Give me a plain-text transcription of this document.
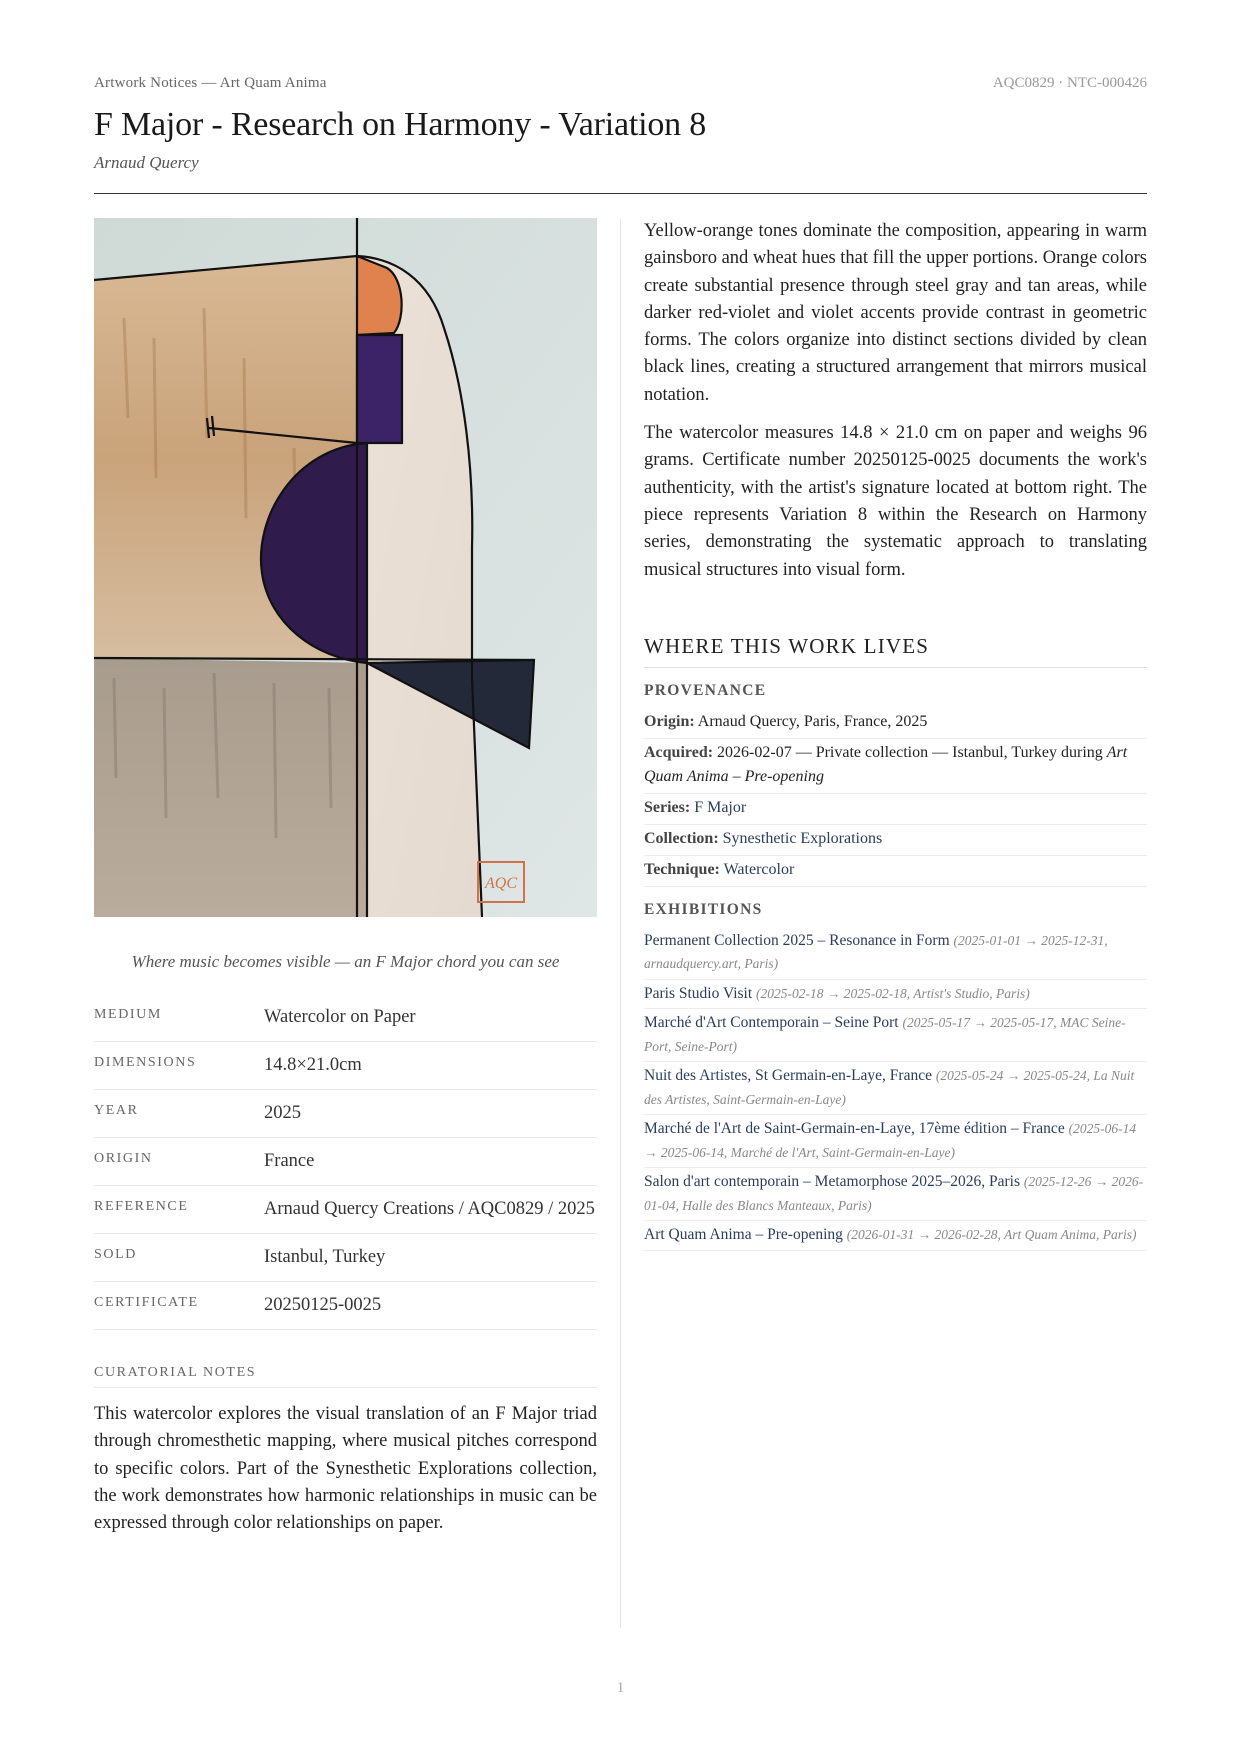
Artwork Notices — Art Quam Anima	AQC0829 · NTC-000426
F Major - Research on Harmony - Variation 8
Arnaud Quercy
AQC
Where music becomes visible — an F Major chord you can see
MEDIUM	Watercolor on Paper
DIMENSIONS	14.8×21.0cm
YEAR	2025
ORIGIN	France
REFERENCE	Arnaud Quercy Creations / AQC0829 / 2025
SOLD	Istanbul, Turkey
CERTIFICATE	20250125-0025
CURATORIAL NOTES
This watercolor explores the visual translation of an F Major triad through chromesthetic mapping, where musical pitches correspond to specific colors. Part of the Synesthetic Explorations collection, the work demonstrates how harmonic relationships in music can be expressed through color relationships on paper.

Yellow-orange tones dominate the composition, appearing in warm gainsboro and wheat hues that fill the upper portions. Orange colors create substantial presence through steel gray and tan areas, while darker red-violet and violet accents provide contrast in geometric forms. The colors organize into distinct sections divided by clean black lines, creating a structured arrangement that mirrors musical notation.

The watercolor measures 14.8 × 21.0 cm on paper and weighs 96 grams. Certificate number 20250125-0025 documents the work's authenticity, with the artist's signature located at bottom right. The piece represents Variation 8 within the Research on Harmony series, demonstrating the systematic approach to translating musical structures into visual form.

WHERE THIS WORK LIVES
PROVENANCE
Origin: Arnaud Quercy, Paris, France, 2025
Acquired: 2026-02-07 — Private collection — Istanbul, Turkey during Art Quam Anima – Pre-opening
Series: F Major
Collection: Synesthetic Explorations
Technique: Watercolor
EXHIBITIONS
Permanent Collection 2025 – Resonance in Form (2025-01-01 → 2025-12-31, arnaudquercy.art, Paris)
Paris Studio Visit (2025-02-18 → 2025-02-18, Artist's Studio, Paris)
Marché d'Art Contemporain – Seine Port (2025-05-17 → 2025-05-17, MAC Seine-Port, Seine-Port)
Nuit des Artistes, St Germain-en-Laye, France (2025-05-24 → 2025-05-24, La Nuit des Artistes, Saint-Germain-en-Laye)
Marché de l'Art de Saint-Germain-en-Laye, 17ème édition – France (2025-06-14 → 2025-06-14, Marché de l'Art, Saint-Germain-en-Laye)
Salon d'art contemporain – Metamorphose 2025–2026, Paris (2025-12-26 → 2026-01-04, Halle des Blancs Manteaux, Paris)
Art Quam Anima – Pre-opening (2026-01-31 → 2026-02-28, Art Quam Anima, Paris)
1
